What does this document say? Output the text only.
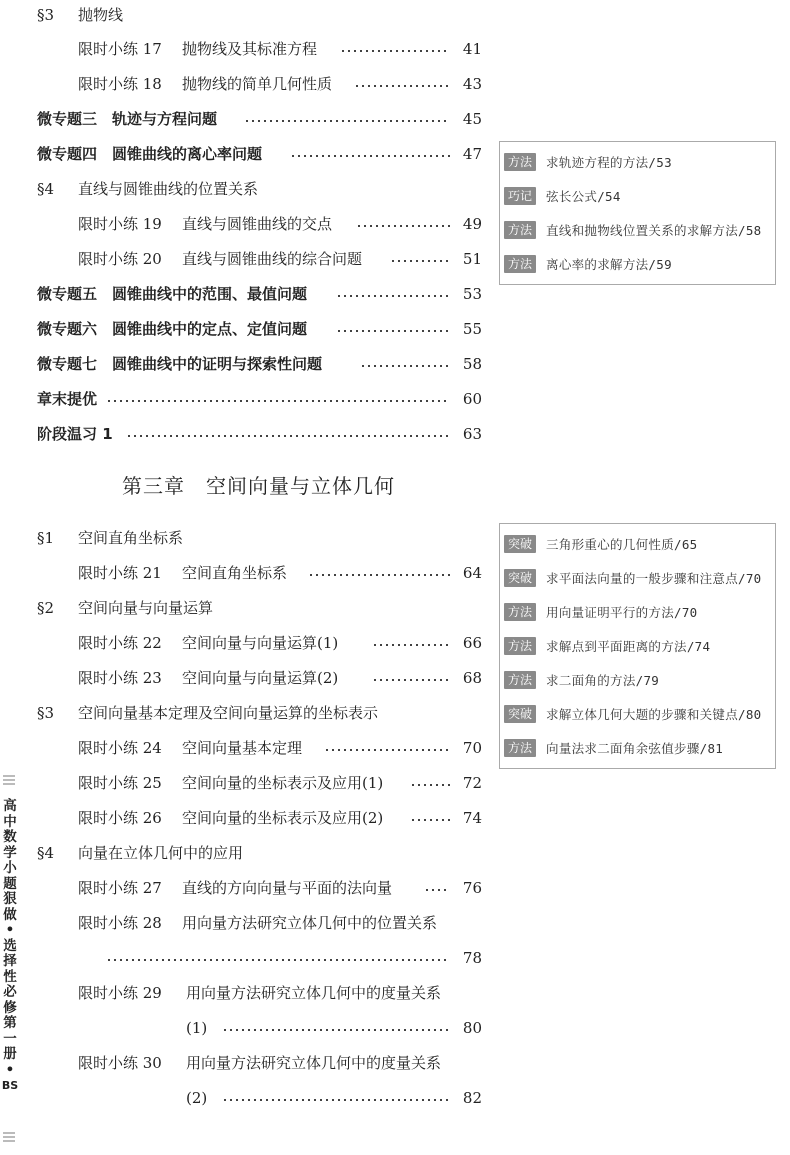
§3 抛物线
限时小练 17 抛物线及其标准方程	41
限时小练 18 抛物线的简单几何性质	43
微专题三　轨迹与方程问题	45
微专题四　圆锥曲线的离心率问题	47
§4 直线与圆锥曲线的位置关系
限时小练 19 直线与圆锥曲线的交点	49
限时小练 20 直线与圆锥曲线的综合问题	51
微专题五　圆锥曲线中的范围、最值问题	53
微专题六　圆锥曲线中的定点、定值问题	55
微专题七　圆锥曲线中的证明与探索性问题	58
章末提优	60
阶段温习 1	63
第三章　空间向量与立体几何
§1 空间直角坐标系
限时小练 21 空间直角坐标系	64
§2 空间向量与向量运算
限时小练 22 空间向量与向量运算(1)	66
限时小练 23 空间向量与向量运算(2)	68
§3 空间向量基本定理及空间向量运算的坐标表示
限时小练 24 空间向量基本定理	70
限时小练 25 空间向量的坐标表示及应用(1)	72
限时小练 26 空间向量的坐标表示及应用(2)	74
§4 向量在立体几何中的应用
限时小练 27 直线的方向向量与平面的法向量	76
限时小练 28 用向量方法研究立体几何中的位置关系
78
限时小练 29 用向量方法研究立体几何中的度量关系
(1)	80
限时小练 30 用向量方法研究立体几何中的度量关系
(2)	82
方法	求轨迹方程的方法/53
巧记	弦长公式/54
方法	直线和抛物线位置关系的求解方法/58
方法	离心率的求解方法/59
突破	三角形重心的几何性质/65
突破	求平面法向量的一般步骤和注意点/70
方法	用向量证明平行的方法/70
方法	求解点到平面距离的方法/74
方法	求二面角的方法/79
突破	求解立体几何大题的步骤和关键点/80
方法	向量法求二面角余弦值步骤/81
高
中
数
学
小
题
狠
做
•
选
择
性
必
修
第
一
册
•
BS
